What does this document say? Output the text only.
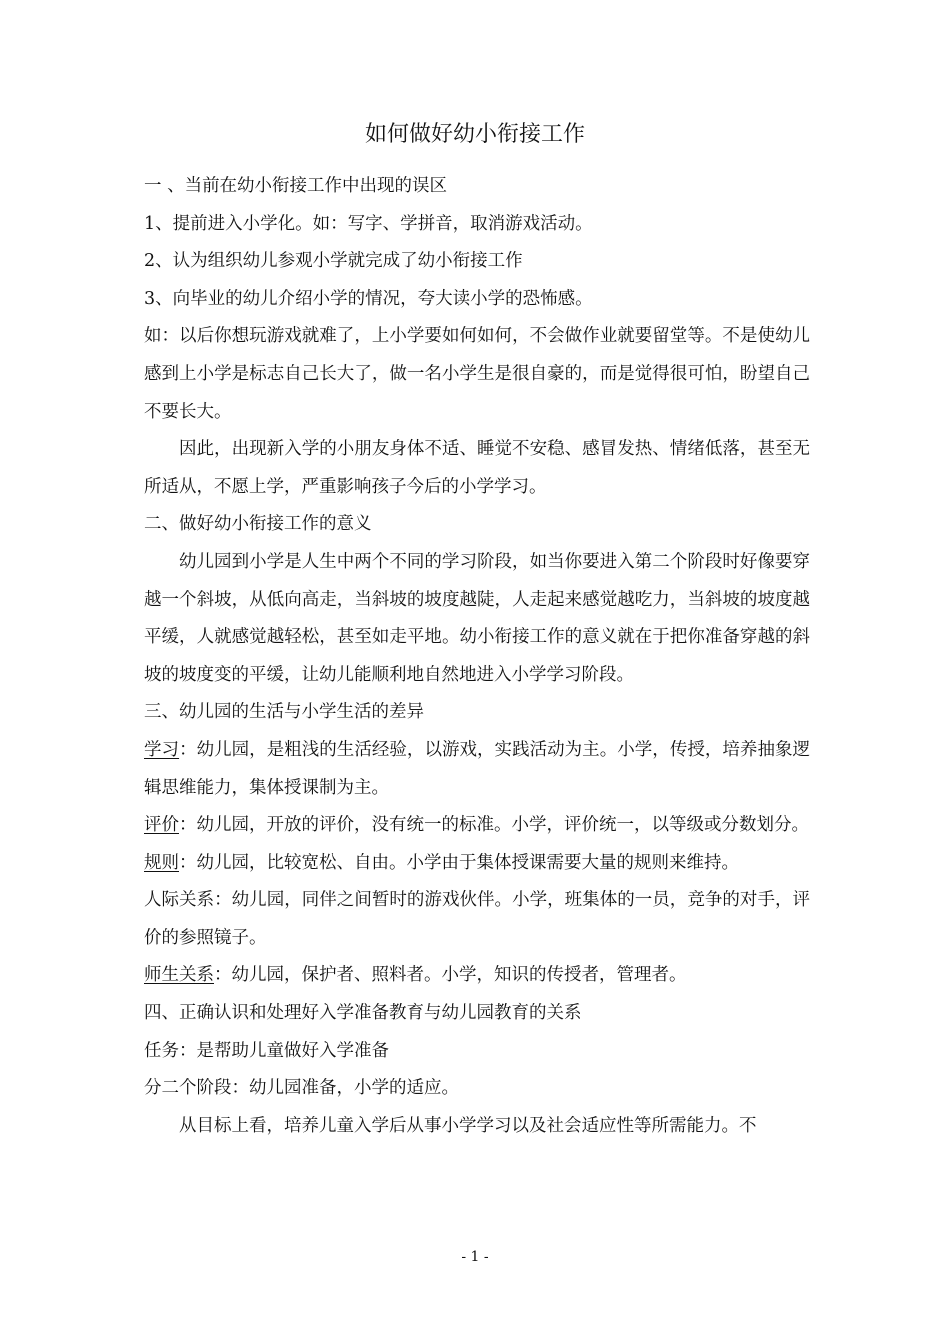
如何做好幼小衔接工作

一 、当前在幼小衔接工作中出现的误区

1、提前进入小学化。如：写字、学拼音，取消游戏活动。

2、认为组织幼儿参观小学就完成了幼小衔接工作

3、向毕业的幼儿介绍小学的情况，夸大读小学的恐怖感。

如：以后你想玩游戏就难了，上小学要如何如何，不会做作业就要留堂等。不是使幼儿感到上小学是标志自己长大了，做一名小学生是很自豪的，而是觉得很可怕，盼望自己不要长大。

因此，出现新入学的小朋友身体不适、睡觉不安稳、感冒发热、情绪低落，甚至无所适从，不愿上学，严重影响孩子今后的小学学习。

二、做好幼小衔接工作的意义

幼儿园到小学是人生中两个不同的学习阶段，如当你要进入第二个阶段时好像要穿越一个斜坡，从低向高走，当斜坡的坡度越陡，人走起来感觉越吃力，当斜坡的坡度越平缓，人就感觉越轻松，甚至如走平地。幼小衔接工作的意义就在于把你准备穿越的斜坡的坡度变的平缓，让幼儿能顺利地自然地进入小学学习阶段。

三、幼儿园的生活与小学生活的差异

学习：幼儿园，是粗浅的生活经验，以游戏，实践活动为主。小学，传授，培养抽象逻辑思维能力，集体授课制为主。

评价：幼儿园，开放的评价，没有统一的标准。小学，评价统一，以等级或分数划分。

规则：幼儿园，比较宽松、自由。小学由于集体授课需要大量的规则来维持。

人际关系：幼儿园，同伴之间暂时的游戏伙伴。小学，班集体的一员，竞争的对手，评价的参照镜子。

师生关系：幼儿园，保护者、照料者。小学，知识的传授者，管理者。

四、正确认识和处理好入学准备教育与幼儿园教育的关系

任务：是帮助儿童做好入学准备

分二个阶段：幼儿园准备，小学的适应。

从目标上看，培养儿童入学后从事小学学习以及社会适应性等所需能力。不

- 1 -
